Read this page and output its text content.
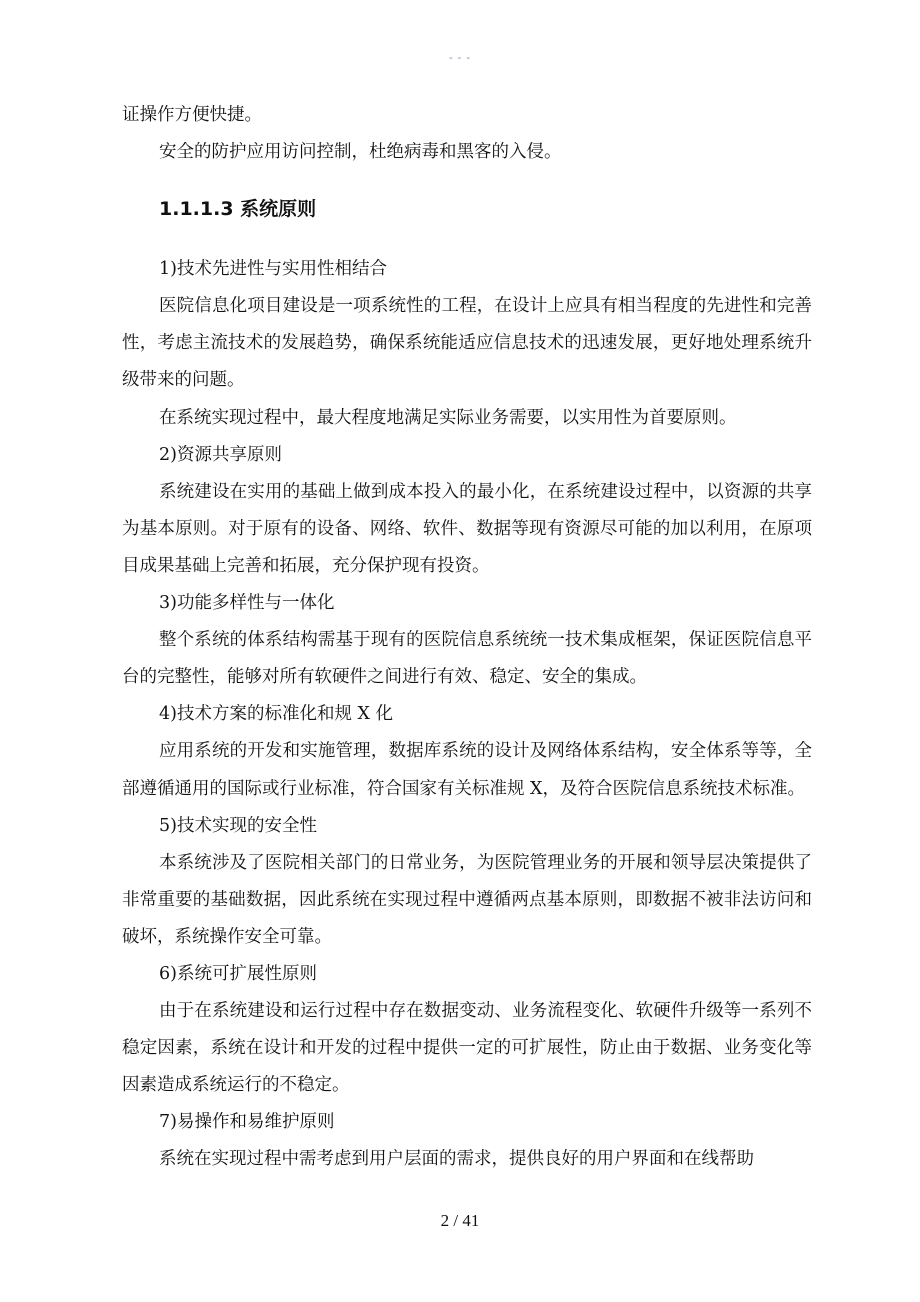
- - -

证操作方便快捷。

安全的防护应用访问控制，杜绝病毒和黑客的入侵。

1.1.1.3 系统原则

1)技术先进性与实用性相结合

医院信息化项目建设是一项系统性的工程，在设计上应具有相当程度的先进性和完善性，考虑主流技术的发展趋势，确保系统能适应信息技术的迅速发展，更好地处理系统升级带来的问题。

在系统实现过程中，最大程度地满足实际业务需要，以实用性为首要原则。

2)资源共享原则

系统建设在实用的基础上做到成本投入的最小化，在系统建设过程中，以资源的共享为基本原则。对于原有的设备、网络、软件、数据等现有资源尽可能的加以利用，在原项目成果基础上完善和拓展，充分保护现有投资。

3)功能多样性与一体化

整个系统的体系结构需基于现有的医院信息系统统一技术集成框架，保证医院信息平台的完整性，能够对所有软硬件之间进行有效、稳定、安全的集成。

4)技术方案的标准化和规 X 化

应用系统的开发和实施管理，数据库系统的设计及网络体系结构，安全体系等等，全部遵循通用的国际或行业标准，符合国家有关标准规 X，及符合医院信息系统技术标准。

5)技术实现的安全性

本系统涉及了医院相关部门的日常业务，为医院管理业务的开展和领导层决策提供了非常重要的基础数据，因此系统在实现过程中遵循两点基本原则，即数据不被非法访问和破坏，系统操作安全可靠。

6)系统可扩展性原则

由于在系统建设和运行过程中存在数据变动、业务流程变化、软硬件升级等一系列不稳定因素，系统在设计和开发的过程中提供一定的可扩展性，防止由于数据、业务变化等因素造成系统运行的不稳定。

7)易操作和易维护原则

系统在实现过程中需考虑到用户层面的需求，提供良好的用户界面和在线帮助

2 / 41
